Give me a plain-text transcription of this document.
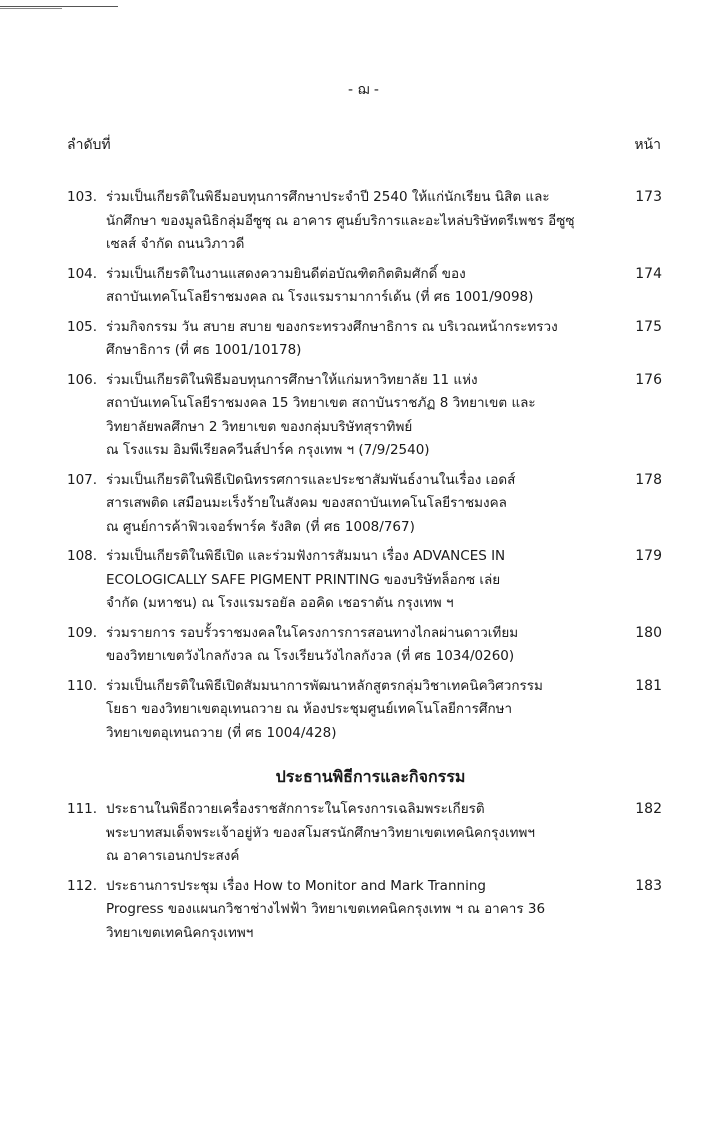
- ฌ -
ลำดับที่	หน้า
103. ร่วมเป็นเกียรติในพิธีมอบทุนการศึกษาประจำปี 2540 ให้แก่นักเรียน นิสิต และ
นักศึกษา ของมูลนิธิกลุ่มอีซูซุ ณ อาคาร ศูนย์บริการและอะไหล่บริษัทตรีเพชร อีซูซุ
เซลส์ จำกัด ถนนวิภาวดี
173
104. ร่วมเป็นเกียรติในงานแสดงความยินดีต่อบัณฑิตกิตติมศักดิ์ ของ
สถาบันเทคโนโลยีราชมงคล ณ โรงแรมรามาการ์เด้น (ที่ ศธ 1001/9098)
174
105. ร่วมกิจกรรม วัน สบาย สบาย ของกระทรวงศึกษาธิการ ณ บริเวณหน้ากระทรวง
ศึกษาธิการ (ที่ ศธ 1001/10178)
175
106. ร่วมเป็นเกียรติในพิธีมอบทุนการศึกษาให้แก่มหาวิทยาลัย 11 แห่ง
สถาบันเทคโนโลยีราชมงคล 15 วิทยาเขต สถาบันราชภัฏ 8 วิทยาเขต และ
วิทยาลัยพลศึกษา 2 วิทยาเขต ของกลุ่มบริษัทสุราทิพย์
ณ โรงแรม อิมพีเรียลควีนส์ปาร์ค กรุงเทพ ฯ (7/9/2540)
176
107. ร่วมเป็นเกียรติในพิธีเปิดนิทรรศการและประชาสัมพันธ์งานในเรื่อง เอดส์
สารเสพติด เสมือนมะเร็งร้ายในสังคม ของสถาบันเทคโนโลยีราชมงคล
ณ ศูนย์การค้าฟิวเจอร์พาร์ค รังสิต (ที่ ศธ 1008/767)
178
108. ร่วมเป็นเกียรติในพิธีเปิด และร่วมฟังการสัมมนา เรื่อง ADVANCES IN
ECOLOGICALLY SAFE PIGMENT PRINTING ของบริษัทล็อกซ เล่ย
จำกัด (มหาชน) ณ โรงแรมรอยัล ออคิด เชอราตัน กรุงเทพ ฯ
179
109. ร่วมรายการ รอบรั้วราชมงคลในโครงการการสอนทางไกลผ่านดาวเทียม
ของวิทยาเขตวังไกลกังวล ณ โรงเรียนวังไกลกังวล (ที่ ศธ 1034/0260)
180
110. ร่วมเป็นเกียรติในพิธีเปิดสัมมนาการพัฒนาหลักสูตรกลุ่มวิชาเทคนิควิศวกรรม
โยธา ของวิทยาเขตอุเทนถวาย ณ ห้องประชุมศูนย์เทคโนโลยีการศึกษา
วิทยาเขตอุเทนถวาย (ที่ ศธ 1004/428)
181
ประธานพิธีการและกิจกรรม
111. ประธานในพิธีถวายเครื่องราชสักการะในโครงการเฉลิมพระเกียรติ
พระบาทสมเด็จพระเจ้าอยู่หัว ของสโมสรนักศึกษาวิทยาเขตเทคนิคกรุงเทพฯ
ณ อาคารเอนกประสงค์
182
112. ประธานการประชุม เรื่อง How to Monitor and Mark Tranning
Progress ของแผนกวิชาช่างไฟฟ้า วิทยาเขตเทคนิคกรุงเทพ ฯ ณ อาคาร 36
วิทยาเขตเทคนิคกรุงเทพฯ
183
